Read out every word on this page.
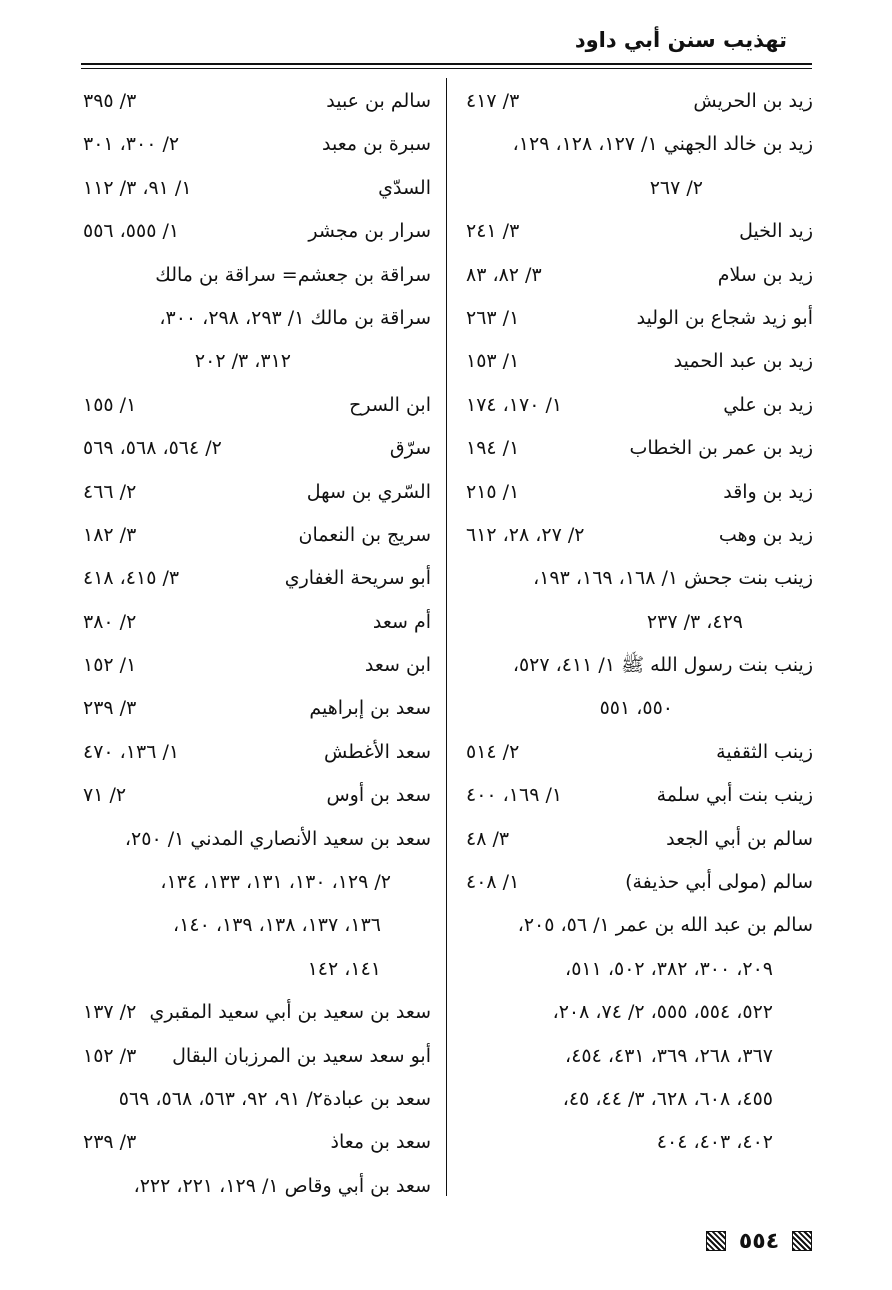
تهذيب سنن أبي داود
زيد بن الحريش
٣/ ٤١٧
زيد بن خالد الجهني ١/ ١٢٧، ١٢٨، ١٢٩،
٢/ ٢٦٧
زيد الخيل
٣/ ٢٤١
زيد بن سلام
٣/ ٨٢، ٨٣
أبو زيد شجاع بن الوليد
١/ ٢٦٣
زيد بن عبد الحميد
١/ ١٥٣
زيد بن علي
١/ ١٧٠، ١٧٤
زيد بن عمر بن الخطاب
١/ ١٩٤
زيد بن واقد
١/ ٢١٥
زيد بن وهب
٢/ ٢٧، ٢٨، ٦١٢
زينب بنت جحش ١/ ١٦٨، ١٦٩، ١٩٣،
٤٢٩، ٣/ ٢٣٧
زينب بنت رسول الله ﷺ ١/ ٤١١، ٥٢٧،
٥٥٠، ٥٥١
زينب الثقفية
٢/ ٥١٤
زينب بنت أبي سلمة
١/ ١٦٩، ٤٠٠
سالم بن أبي الجعد
٣/ ٤٨
سالم (مولى أبي حذيفة)
١/ ٤٠٨
سالم بن عبد الله بن عمر ١/ ٥٦، ٢٠٥،
٢٠٩، ٣٠٠، ٣٨٢، ٥٠٢، ٥١١،
٥٢٢، ٥٥٤، ٥٥٥، ٢/ ٧٤، ٢٠٨،
٣٦٧، ٢٦٨، ٣٦٩، ٤٣١، ٤٥٤،
٤٥٥، ٦٠٨، ٦٢٨، ٣/ ٤٤، ٤٥،
٤٠٢، ٤٠٣، ٤٠٤
سالم بن عبيد
٣/ ٣٩٥
سبرة بن معبد
٢/ ٣٠٠، ٣٠١
السدّي
١/ ٩١، ٣/ ١١٢
سرار بن مجشر
١/ ٥٥٥، ٥٥٦
سراقة بن جعشم= سراقة بن مالك
سراقة بن مالك ١/ ٢٩٣، ٢٩٨، ٣٠٠،
٣١٢، ٣/ ٢٠٢
ابن السرح
١/ ١٥٥
سرّق
٢/ ٥٦٤، ٥٦٨، ٥٦٩
السّري بن سهل
٢/ ٤٦٦
سريج بن النعمان
٣/ ١٨٢
أبو سريحة الغفاري
٣/ ٤١٥، ٤١٨
أم سعد
٢/ ٣٨٠
ابن سعد
١/ ١٥٢
سعد بن إبراهيم
٣/ ٢٣٩
سعد الأغطش
١/ ١٣٦، ٤٧٠
سعد بن أوس
٢/ ٧١
سعد بن سعيد الأنصاري المدني ١/ ٢٥٠،
٢/ ١٢٩، ١٣٠، ١٣١، ١٣٣، ١٣٤،
١٣٦، ١٣٧، ١٣٨، ١٣٩، ١٤٠،
١٤١، ١٤٢
سعد بن سعيد بن أبي سعيد المقبري
٢/ ١٣٧
أبو سعد سعيد بن المرزبان البقال
٣/ ١٥٢
سعد بن عبادة٢/ ٩١، ٩٢، ٥٦٣، ٥٦٨، ٥٦٩
سعد بن معاذ
٣/ ٢٣٩
سعد بن أبي وقاص ١/ ١٢٩، ٢٢١، ٢٢٢،
٥٥٤
